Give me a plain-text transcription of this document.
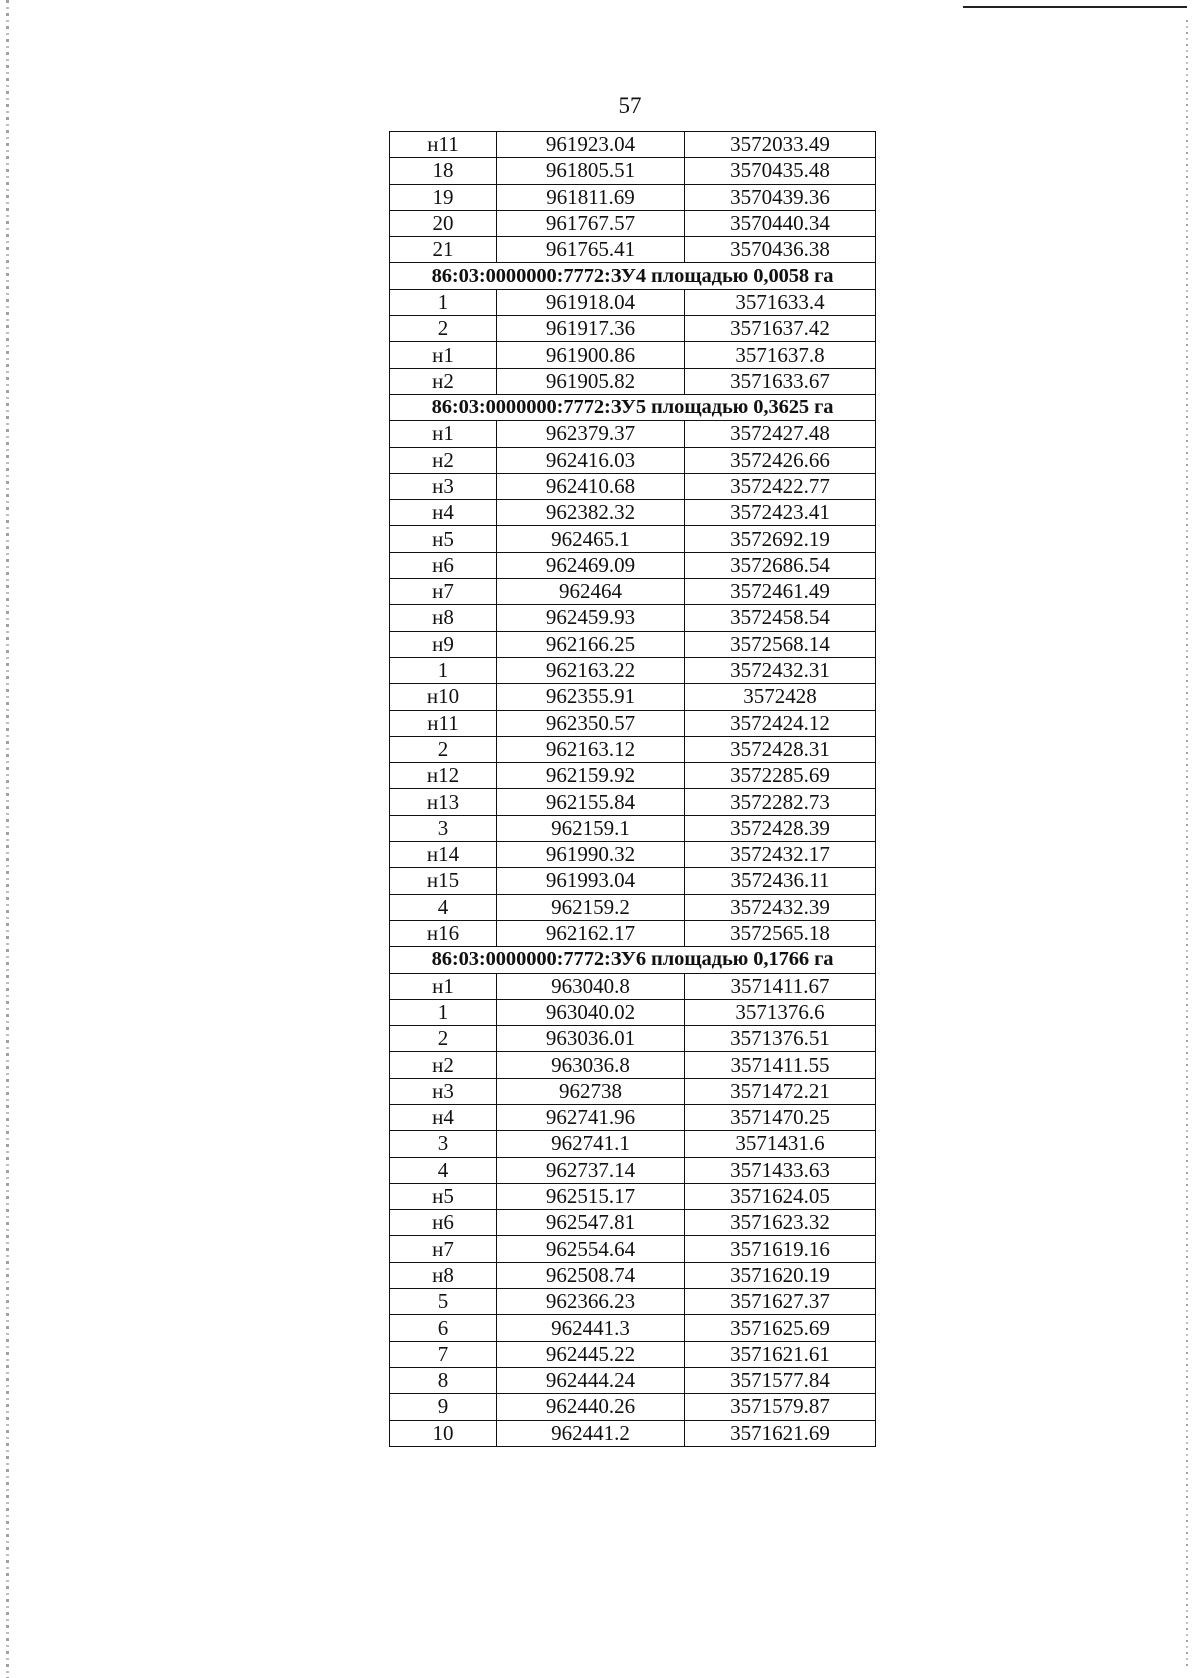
57
н11	961923.04	3572033.49
18	961805.51	3570435.48
19	961811.69	3570439.36
20	961767.57	3570440.34
21	961765.41	3570436.38
86:03:0000000:7772:ЗУ4 площадью 0,0058 га		
1	961918.04	3571633.4
2	961917.36	3571637.42
н1	961900.86	3571637.8
н2	961905.82	3571633.67
86:03:0000000:7772:ЗУ5 площадью 0,3625 га		
н1	962379.37	3572427.48
н2	962416.03	3572426.66
н3	962410.68	3572422.77
н4	962382.32	3572423.41
н5	962465.1	3572692.19
н6	962469.09	3572686.54
н7	962464	3572461.49
н8	962459.93	3572458.54
н9	962166.25	3572568.14
1	962163.22	3572432.31
н10	962355.91	3572428
н11	962350.57	3572424.12
2	962163.12	3572428.31
н12	962159.92	3572285.69
н13	962155.84	3572282.73
3	962159.1	3572428.39
н14	961990.32	3572432.17
н15	961993.04	3572436.11
4	962159.2	3572432.39
н16	962162.17	3572565.18
86:03:0000000:7772:ЗУ6 площадью 0,1766 га		
н1	963040.8	3571411.67
1	963040.02	3571376.6
2	963036.01	3571376.51
н2	963036.8	3571411.55
н3	962738	3571472.21
н4	962741.96	3571470.25
3	962741.1	3571431.6
4	962737.14	3571433.63
н5	962515.17	3571624.05
н6	962547.81	3571623.32
н7	962554.64	3571619.16
н8	962508.74	3571620.19
5	962366.23	3571627.37
6	962441.3	3571625.69
7	962445.22	3571621.61
8	962444.24	3571577.84
9	962440.26	3571579.87
10	962441.2	3571621.69
